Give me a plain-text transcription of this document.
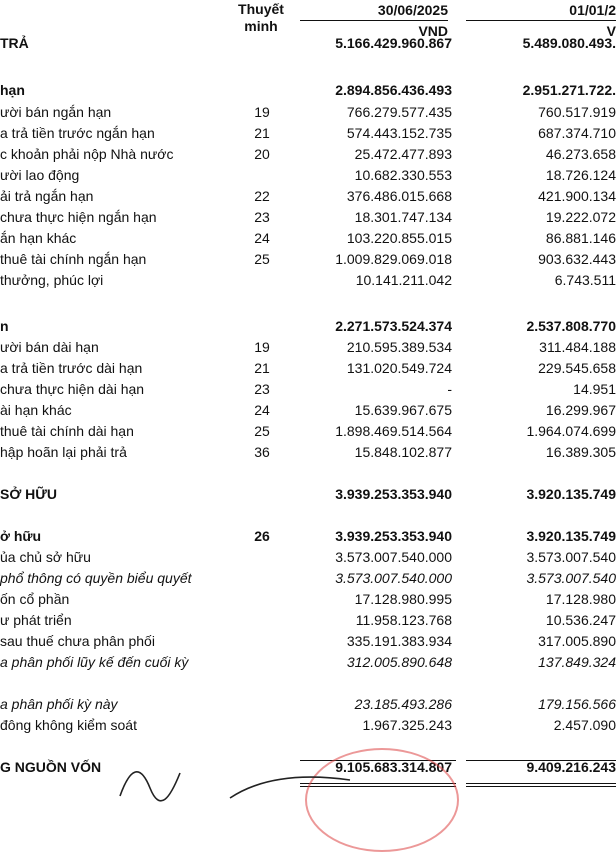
Thuyết
minh
30/06/2025
VND
01/01/2
V
TRẢ	5.166.429.960.867	5.489.080.493.
hạn	2.894.856.436.493	2.951.271.722.
ười bán ngắn hạn	19	766.279.577.435	760.517.919
a trả tiền trước ngắn hạn	21	574.443.152.735	687.374.710
c khoản phải nộp Nhà nước	20	25.472.477.893	46.273.658
ười lao động	10.682.330.553	18.726.124
ải trả ngắn hạn	22	376.486.015.668	421.900.134
chưa thực hiện ngắn hạn	23	18.301.747.134	19.222.072
ắn hạn khác	24	103.220.855.015	86.881.146
thuê tài chính ngắn hạn	25	1.009.829.069.018	903.632.443
thưởng, phúc lợi	10.141.211.042	6.743.511
n	2.271.573.524.374	2.537.808.770
ười bán dài hạn	19	210.595.389.534	311.484.188
a trả tiền trước dài hạn	21	131.020.549.724	229.545.658
chưa thực hiện dài hạn	23	-	14.951
ài hạn khác	24	15.639.967.675	16.299.967
thuê tài chính dài hạn	25	1.898.469.514.564	1.964.074.699
hập hoãn lại phải trả	36	15.848.102.877	16.389.305
SỞ HỮU	3.939.253.353.940	3.920.135.749
ở hữu	26	3.939.253.353.940	3.920.135.749
ủa chủ sở hữu	3.573.007.540.000	3.573.007.540
phổ thông có quyền biểu quyết	3.573.007.540.000	3.573.007.540
ốn cổ phần	17.128.980.995	17.128.980
ư phát triển	11.958.123.768	10.536.247
sau thuế chưa phân phối	335.191.383.934	317.005.890
a phân phối lũy kế đến cuối kỳ	312.005.890.648	137.849.324
a phân phối kỳ này	23.185.493.286	179.156.566
đông không kiểm soát	1.967.325.243	2.457.090
G NGUỒN VỐN	9.105.683.314.807	9.409.216.243
